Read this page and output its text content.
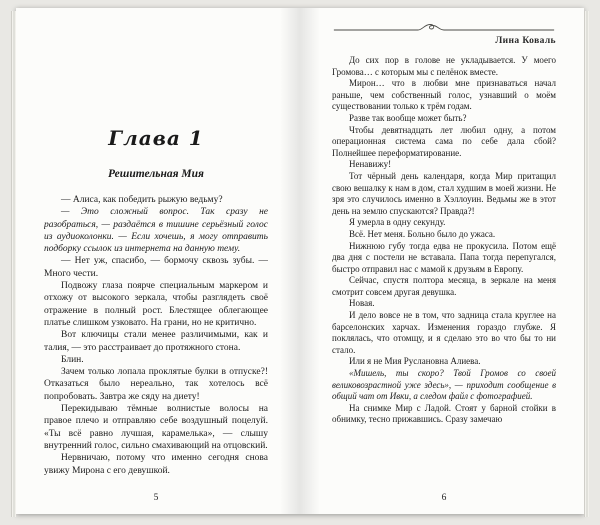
Глава 1
Решительная Мия

— Алиса, как победить рыжую ведьму?

— Это сложный вопрос. Так сразу не разобраться, — раздаётся в тишине серьёзный голос из аудиоколонки. — Если хочешь, я могу отправить подборку ссылок из интернета на данную тему.

— Нет уж, спасибо, — бормочу сквозь зубы. — Много чести.

Подвожу глаза поярче специальным маркером и отхожу от высокого зеркала, чтобы разглядеть своё отражение в полный рост. Блестящее облегающее платье слишком узковато. На грани, но не критично.

Вот ключицы стали менее различимыми, как и талия, — это расстраивает до протяжного стона.

Блин.

Зачем только лопала проклятые булки в отпуске?! Отказаться было нереально, так хотелось всё попробовать. Завтра же сяду на диету!

Перекидываю тёмные волнистые волосы на правое плечо и отправляю себе воздушный поцелуй. «Ты всё равно лучшая, карамелька», — слышу внутренний голос, сильно смахивающий на отцовский.

Нервничаю, потому что именно сегодня снова увижу Мирона с его девушкой.

5
Лина Коваль

До сих пор в голове не укладывается. У моего Громова… с которым мы с пелёнок вместе.

Мирон… что в любви мне признаваться начал раньше, чем собственный голос, узнавший о моём существовании только к трём годам.

Разве так вообще может быть?

Чтобы девятнадцать лет любил одну, а потом операционная система сама по себе дала сбой? Полнейшее переформатирование.

Ненавижу!

Тот чёрный день календаря, когда Мир притащил свою вешалку к нам в дом, стал худшим в моей жизни. Не зря это случилось именно в Хэллоуин. Ведьмы же в этот день на землю спускаются? Правда?!

Я умерла в одну секунду.

Всё. Нет меня. Больно было до ужаса.

Нижнюю губу тогда едва не прокусила. Потом ещё два дня с постели не вставала. Папа тогда перепугался, быстро отправил нас с мамой к друзьям в Европу.

Сейчас, спустя полтора месяца, в зеркале на меня смотрит совсем другая девушка.

Новая.

И дело вовсе не в том, что задница стала круглее на барселонских харчах. Изменения гораздо глубже. Я поклялась, что отомщу, и я сделаю это во что бы то ни стало.

Или я не Мия Руслановна Алиева.

«Мишель, ты скоро? Твой Громов со своей великовозрастной уже здесь», — приходит сообщение в общий чат от Ивки, а следом файл с фотографией.

На снимке Мир с Ладой. Стоят у барной стойки в обнимку, тесно прижавшись. Сразу замечаю

6
